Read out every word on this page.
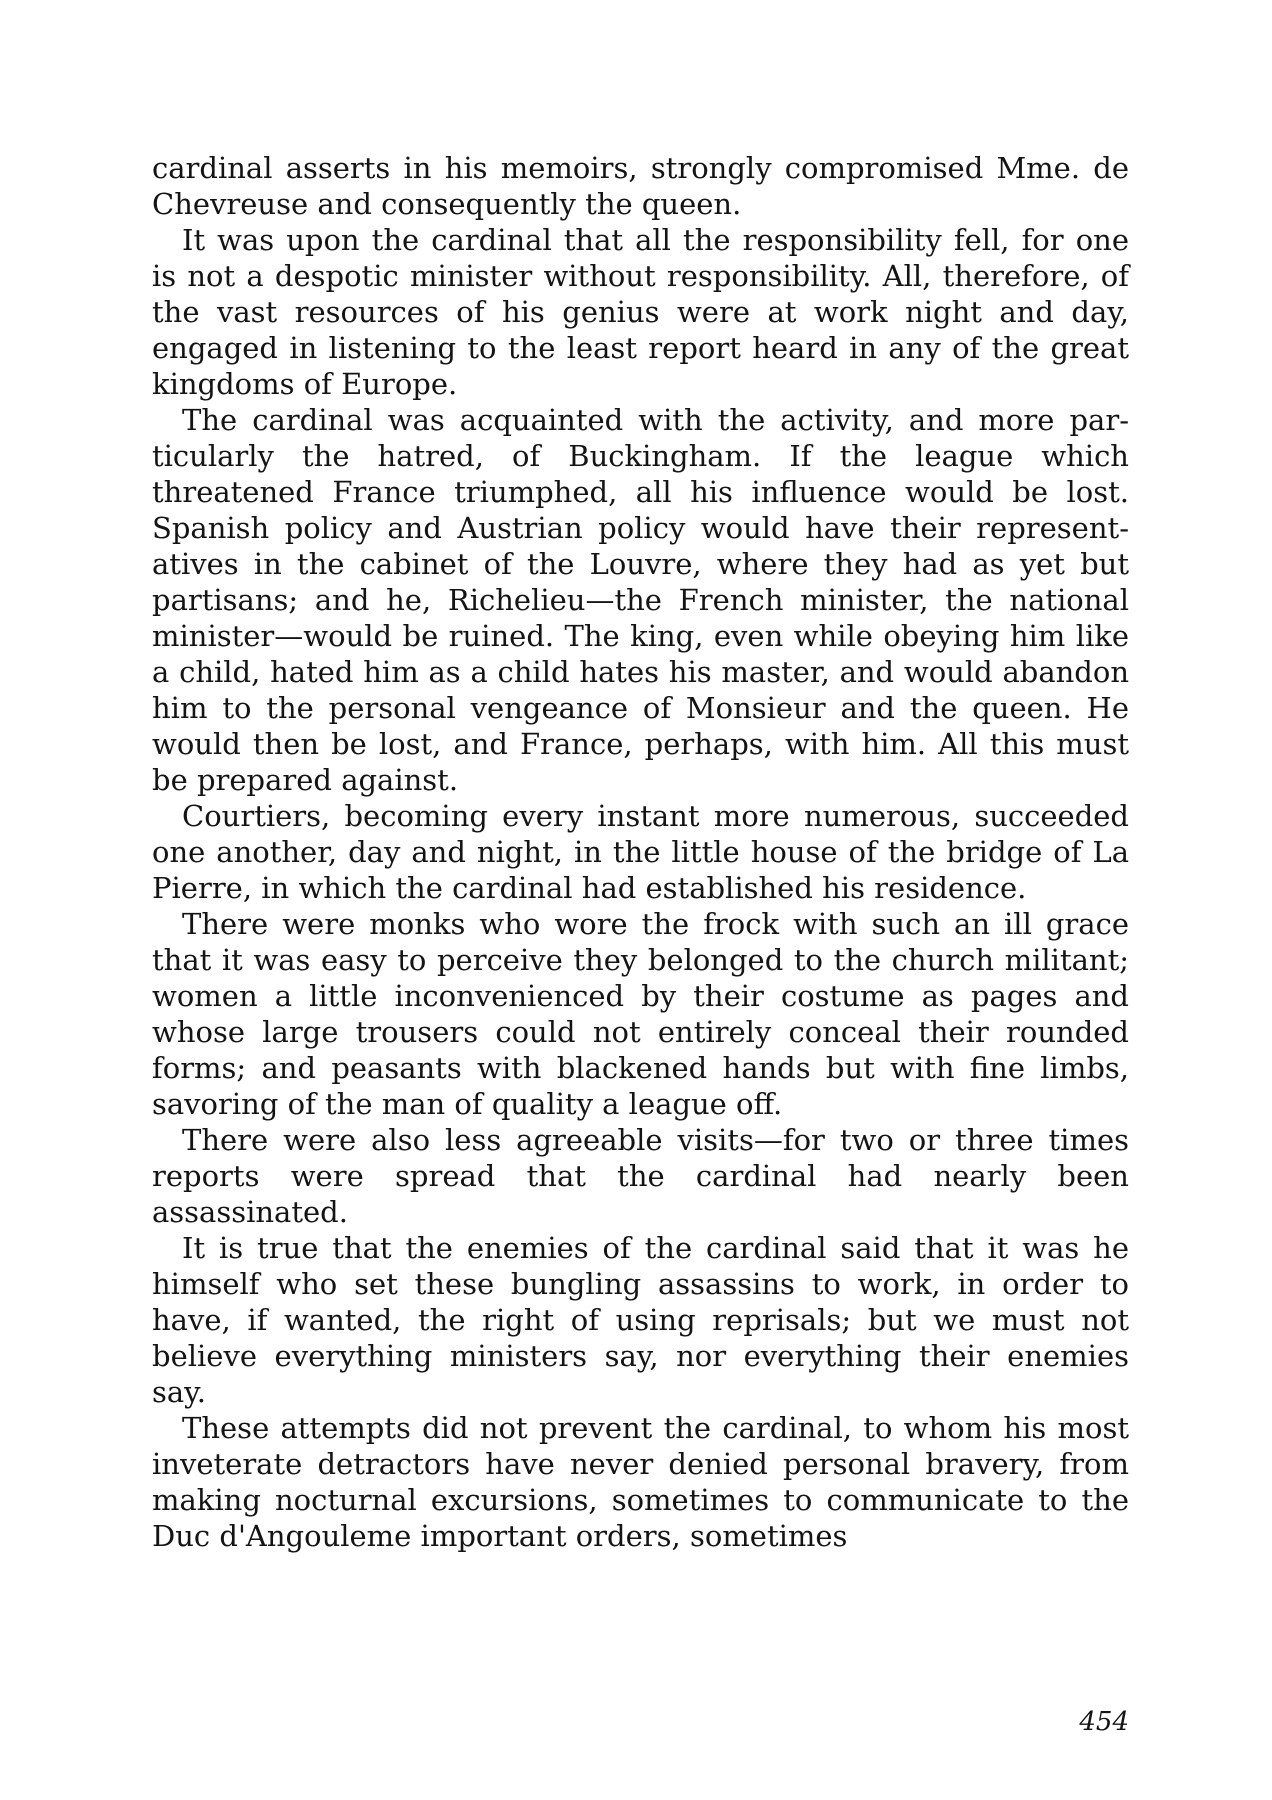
cardinal asserts in his memoirs, strongly compromised Mme. de Chevreuse and consequently the queen.

It was upon the cardinal that all the responsibility fell, for one is not a despotic minister without responsibility. All, therefore, of the vast resources of his genius were at work night and day, engaged in listening to the least report heard in any of the great kingdoms of Europe.

The cardinal was acquainted with the activity, and more particularly the hatred, of Buckingham. If the league which threatened France triumphed, all his influence would be lost. Spanish policy and Austrian policy would have their representatives in the cabinet of the Louvre, where they had as yet but partisans; and he, Richelieu—the French minister, the national minister—would be ruined. The king, even while obeying him like a child, hated him as a child hates his master, and would abandon him to the personal vengeance of Monsieur and the queen. He would then be lost, and France, perhaps, with him. All this must be prepared against.

Courtiers, becoming every instant more numerous, succeeded one another, day and night, in the little house of the bridge of La Pierre, in which the cardinal had established his residence.

There were monks who wore the frock with such an ill grace that it was easy to perceive they belonged to the church militant; women a little inconvenienced by their costume as pages and whose large trousers could not entirely conceal their rounded forms; and peasants with blackened hands but with fine limbs, savoring of the man of quality a league off.

There were also less agreeable visits—for two or three times reports were spread that the cardinal had nearly been assassinated.

It is true that the enemies of the cardinal said that it was he himself who set these bungling assassins to work, in order to have, if wanted, the right of using reprisals; but we must not believe everything ministers say, nor everything their enemies say.

These attempts did not prevent the cardinal, to whom his most inveterate detractors have never denied personal bravery, from making nocturnal excursions, sometimes to communicate to the Duc d'Angouleme important orders, sometimes

454
